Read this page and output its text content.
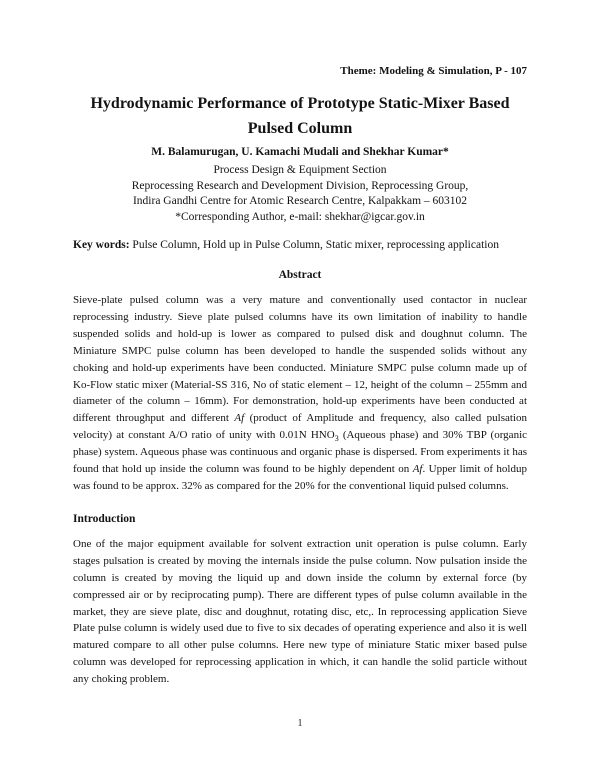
Theme: Modeling & Simulation, P - 107
Hydrodynamic Performance of Prototype Static-Mixer Based
Pulsed Column
M. Balamurugan, U. Kamachi Mudali and Shekhar Kumar*
Process Design & Equipment Section
Reprocessing Research and Development Division, Reprocessing Group,
Indira Gandhi Centre for Atomic Research Centre, Kalpakkam – 603102
*Corresponding Author, e-mail: shekhar@igcar.gov.in

Key words: Pulse Column, Hold up in Pulse Column, Static mixer, reprocessing application

Abstract

Sieve-plate pulsed column was a very mature and conventionally used contactor in nuclear reprocessing industry. Sieve plate pulsed columns have its own limitation of inability to handle suspended solids and hold-up is lower as compared to pulsed disk and doughnut column. The Miniature SMPC pulse column has been developed to handle the suspended solids without any choking and hold-up experiments have been conducted. Miniature SMPC pulse column made up of Ko-Flow static mixer (Material-SS 316, No of static element – 12, height of the column – 255mm and diameter of the column – 16mm). For demonstration, hold-up experiments have been conducted at different throughput and different Af (product of Amplitude and frequency, also called pulsation velocity) at constant A/O ratio of unity with 0.01N $HNO_3$ (Aqueous phase) and 30% TBP (organic phase) system. Aqueous phase was continuous and organic phase is dispersed. From experiments it has found that hold up inside the column was found to be highly dependent on Af. Upper limit of holdup was found to be approx. 32% as compared for the 20% for the conventional liquid pulsed columns.

Introduction

One of the major equipment available for solvent extraction unit operation is pulse column. Early stages pulsation is created by moving the internals inside the pulse column. Now pulsation inside the column is created by moving the liquid up and down inside the column by external force (by compressed air or by reciprocating pump). There are different types of pulse column available in the market, they are sieve plate, disc and doughnut, rotating disc, etc,. In reprocessing application Sieve Plate pulse column is widely used due to five to six decades of operating experience and also it is well matured compare to all other pulse columns. Here new type of miniature Static mixer based pulse column was developed for reprocessing application in which, it can handle the solid particle without any choking problem.

1
